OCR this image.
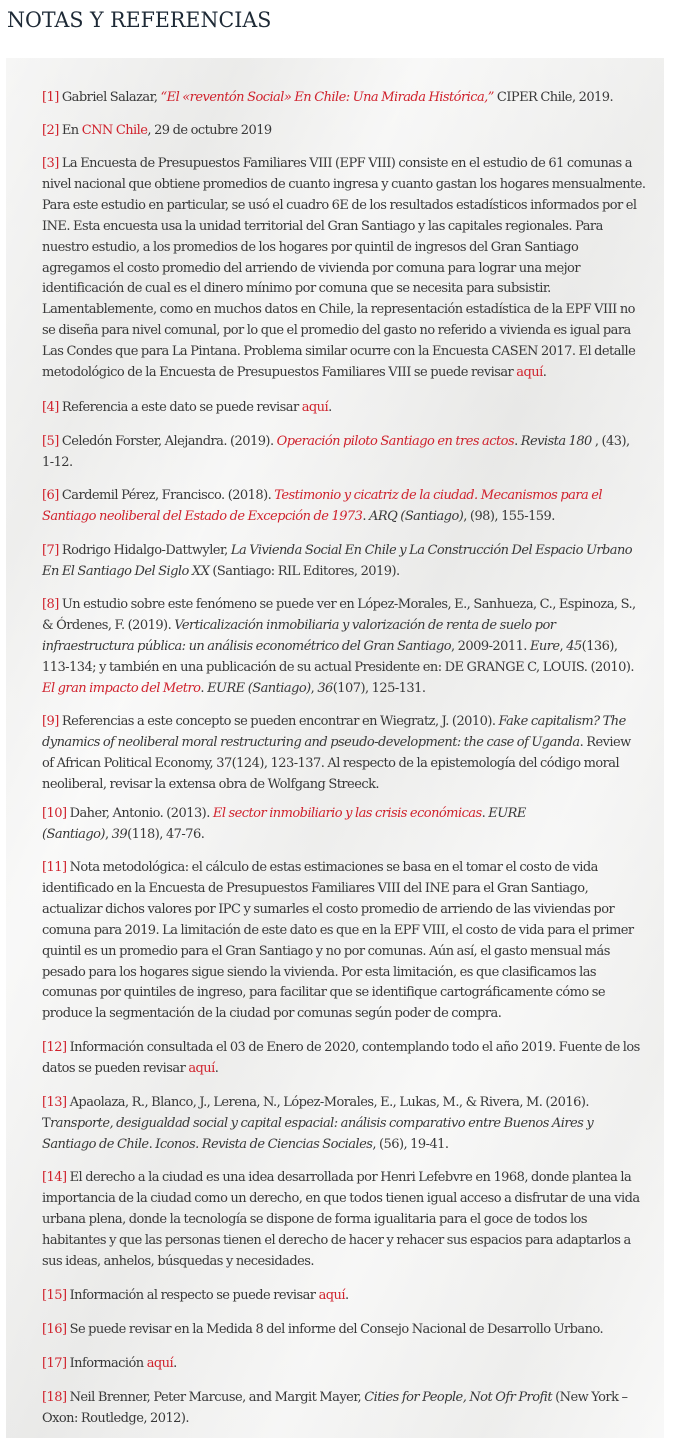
NOTAS Y REFERENCIAS
[1] Gabriel Salazar, “El «reventón Social» En Chile: Una Mirada Histórica,” CIPER Chile, 2019.
[2] En CNN Chile, 29 de octubre 2019
[3] La Encuesta de Presupuestos Familiares VIII (EPF VIII) consiste en el estudio de 61 comunas a nivel nacional que obtiene promedios de cuanto ingresa y cuanto gastan los hogares mensualmente. Para este estudio en particular, se usó el cuadro 6E de los resultados estadísticos informados por el INE. Esta encuesta usa la unidad territorial del Gran Santiago y las capitales regionales. Para nuestro estudio, a los promedios de los hogares por quintil de ingresos del Gran Santiago agregamos el costo promedio del arriendo de vivienda por comuna para lograr una mejor identificación de cual es el dinero mínimo por comuna que se necesita para subsistir. Lamentablemente, como en muchos datos en Chile, la representación estadística de la EPF VIII no se diseña para nivel comunal, por lo que el promedio del gasto no referido a vivienda es igual para Las Condes que para La Pintana. Problema similar ocurre con la Encuesta CASEN 2017. El detalle metodológico de la Encuesta de Presupuestos Familiares VIII se puede revisar aquí.
[4] Referencia a este dato se puede revisar aquí.
[5] Celedón Forster, Alejandra. (2019). Operación piloto Santiago en tres actos. Revista 180 , (43), 1-12.
[6] Cardemil Pérez, Francisco. (2018). Testimonio y cicatriz de la ciudad. Mecanismos para el Santiago neoliberal del Estado de Excepción de 1973. ARQ (Santiago), (98), 155-159.
[7] Rodrigo Hidalgo-Dattwyler, La Vivienda Social En Chile y La Construcción Del Espacio Urbano En El Santiago Del Siglo XX (Santiago: RIL Editores, 2019).
[8] Un estudio sobre este fenómeno se puede ver en López-Morales, E., Sanhueza, C., Espinoza, S., & Órdenes, F. (2019). Verticalización inmobiliaria y valorización de renta de suelo por infraestructura pública: un análisis econométrico del Gran Santiago, 2009-2011. Eure, 45(136), 113-134; y también en una publicación de su actual Presidente en: DE GRANGE C, LOUIS. (2010). El gran impacto del Metro. EURE (Santiago), 36(107), 125-131.
[9] Referencias a este concepto se pueden encontrar en Wiegratz, J. (2010). Fake capitalism? The dynamics of neoliberal moral restructuring and pseudo-development: the case of Uganda. Review of African Political Economy, 37(124), 123-137. Al respecto de la epistemología del código moral neoliberal, revisar la extensa obra de Wolfgang Streeck.
[10] Daher, Antonio. (2013). El sector inmobiliario y las crisis económicas. EURE (Santiago), 39(118), 47-76.
[11] Nota metodológica: el cálculo de estas estimaciones se basa en el tomar el costo de vida identificado en la Encuesta de Presupuestos Familiares VIII del INE para el Gran Santiago, actualizar dichos valores por IPC y sumarles el costo promedio de arriendo de las viviendas por comuna para 2019. La limitación de este dato es que en la EPF VIII, el costo de vida para el primer quintil es un promedio para el Gran Santiago y no por comunas. Aún así, el gasto mensual más pesado para los hogares sigue siendo la vivienda. Por esta limitación, es que clasificamos las comunas por quintiles de ingreso, para facilitar que se identifique cartográficamente cómo se produce la segmentación de la ciudad por comunas según poder de compra.
[12] Información consultada el 03 de Enero de 2020, contemplando todo el año 2019. Fuente de los datos se pueden revisar aquí.
[13] Apaolaza, R., Blanco, J., Lerena, N., López-Morales, E., Lukas, M., & Rivera, M. (2016). Transporte, desigualdad social y capital espacial: análisis comparativo entre Buenos Aires y Santiago de Chile. Iconos. Revista de Ciencias Sociales, (56), 19-41.
[14] El derecho a la ciudad es una idea desarrollada por Henri Lefebvre en 1968, donde plantea la importancia de la ciudad como un derecho, en que todos tienen igual acceso a disfrutar de una vida urbana plena, donde la tecnología se dispone de forma igualitaria para el goce de todos los habitantes y que las personas tienen el derecho de hacer y rehacer sus espacios para adaptarlos a sus ideas, anhelos, búsquedas y necesidades.
[15] Información al respecto se puede revisar aquí.
[16] Se puede revisar en la Medida 8 del informe del Consejo Nacional de Desarrollo Urbano.
[17] Información aquí.
[18] Neil Brenner, Peter Marcuse, and Margit Mayer, Cities for People, Not Ofr Profit (New York – Oxon: Routledge, 2012).
